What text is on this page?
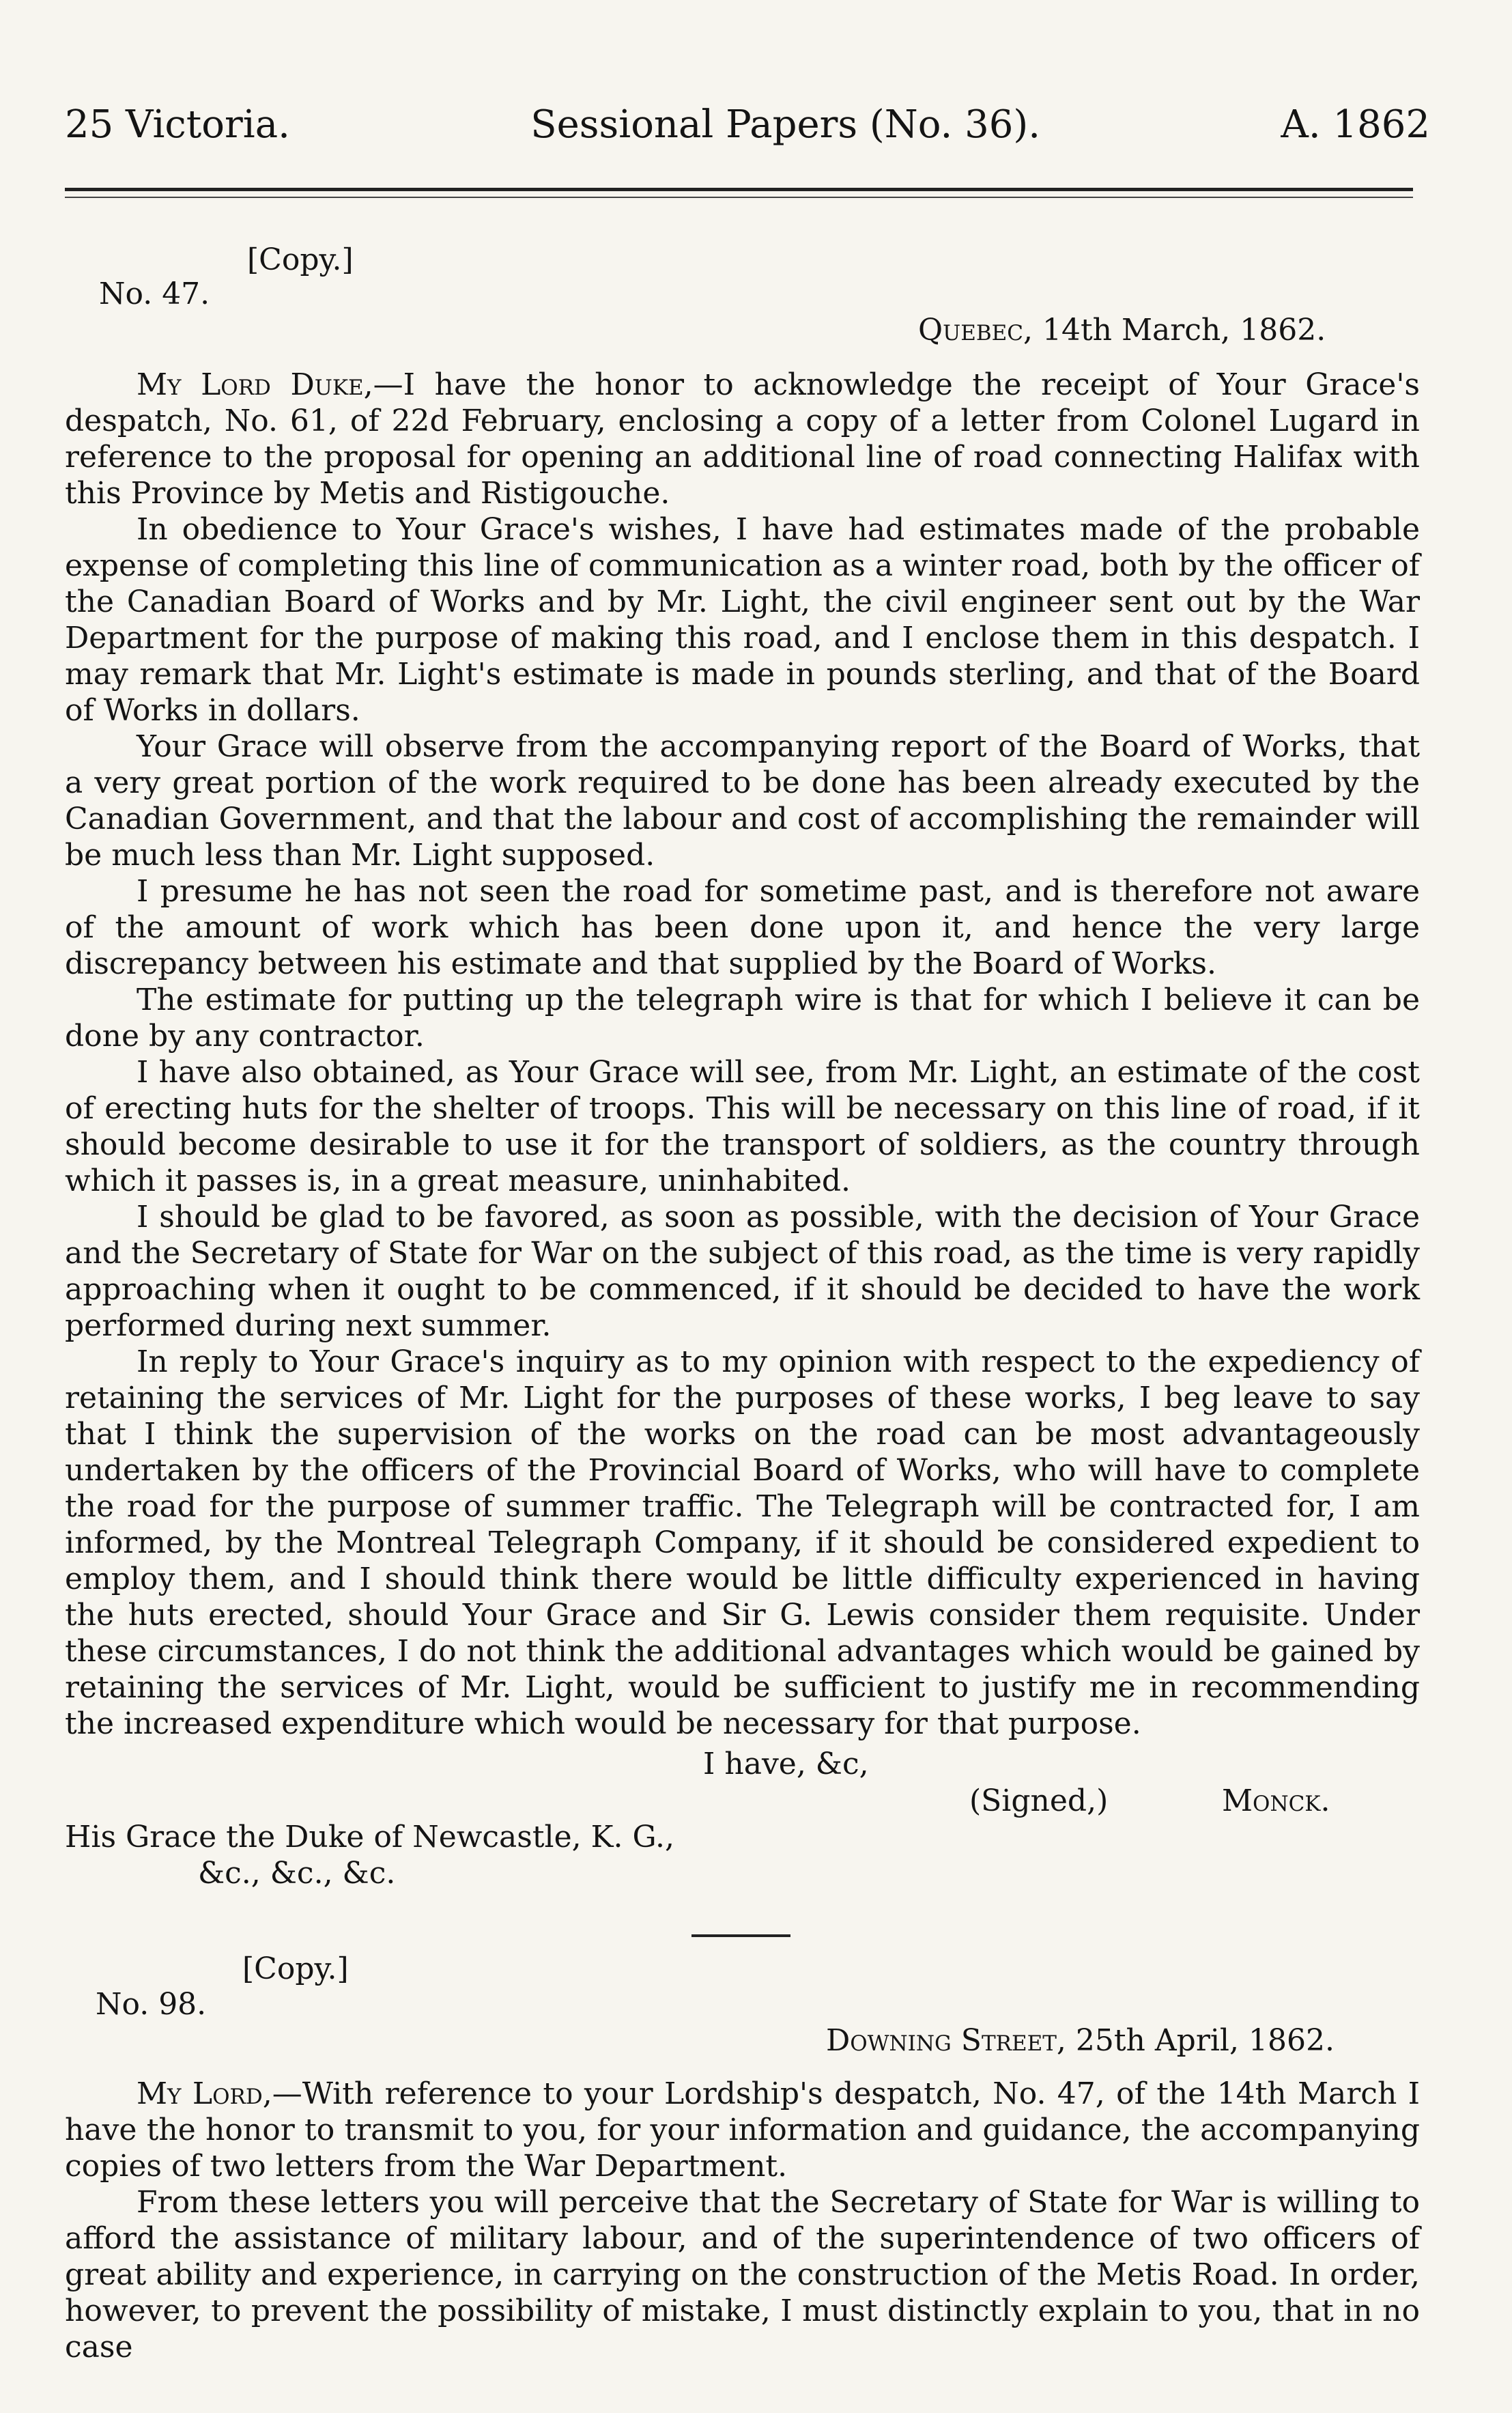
25 Victoria.	Sessional Papers (No. 36).	A. 1862
[Copy.]
No. 47.
Quebec, 14th March, 1862.

My Lord Duke,—I have the honor to acknowledge the receipt of Your Grace's despatch, No. 61, of 22d February, enclosing a copy of a letter from Colonel Lugard in reference to the proposal for opening an additional line of road connecting Halifax with this Province by Metis and Ristigouche.

In obedience to Your Grace's wishes, I have had estimates made of the probable expense of completing this line of communication as a winter road, both by the officer of the Canadian Board of Works and by Mr. Light, the civil engineer sent out by the War Department for the purpose of making this road, and I enclose them in this despatch. I may remark that Mr. Light's estimate is made in pounds sterling, and that of the Board of Works in dollars.

Your Grace will observe from the accompanying report of the Board of Works, that a very great portion of the work required to be done has been already executed by the Canadian Government, and that the labour and cost of accomplishing the remainder will be much less than Mr. Light supposed.

I presume he has not seen the road for sometime past, and is therefore not aware of the amount of work which has been done upon it, and hence the very large discrepancy between his estimate and that supplied by the Board of Works.

The estimate for putting up the telegraph wire is that for which I believe it can be done by any contractor.

I have also obtained, as Your Grace will see, from Mr. Light, an estimate of the cost of erecting huts for the shelter of troops. This will be necessary on this line of road, if it should become desirable to use it for the transport of soldiers, as the country through which it passes is, in a great measure, uninhabited.

I should be glad to be favored, as soon as possible, with the decision of Your Grace and the Secretary of State for War on the subject of this road, as the time is very rapidly approaching when it ought to be commenced, if it should be decided to have the work performed during next summer.

In reply to Your Grace's inquiry as to my opinion with respect to the expediency of retaining the services of Mr. Light for the purposes of these works, I beg leave to say that I think the supervision of the works on the road can be most advantageously undertaken by the officers of the Provincial Board of Works, who will have to complete the road for the purpose of summer traffic. The Telegraph will be contracted for, I am informed, by the Montreal Telegraph Company, if it should be considered expedient to employ them, and I should think there would be little difficulty experienced in having the huts erected, should Your Grace and Sir G. Lewis consider them requisite. Under these circumstances, I do not think the additional advantages which would be gained by retaining the services of Mr. Light, would be sufficient to justify me in recommending the increased expenditure which would be necessary for that purpose.

I have, &c,
(Signed,)	Monck.
His Grace the Duke of Newcastle, K. G.,
&c., &c., &c.
[Copy.]
No. 98.
Downing Street, 25th April, 1862.

My Lord,—With reference to your Lordship's despatch, No. 47, of the 14th March I have the honor to transmit to you, for your information and guidance, the accompanying copies of two letters from the War Department.

From these letters you will perceive that the Secretary of State for War is willing to afford the assistance of military labour, and of the superintendence of two officers of great ability and experience, in carrying on the construction of the Metis Road. In order, however, to prevent the possibility of mistake, I must distinctly explain to you, that in no case
